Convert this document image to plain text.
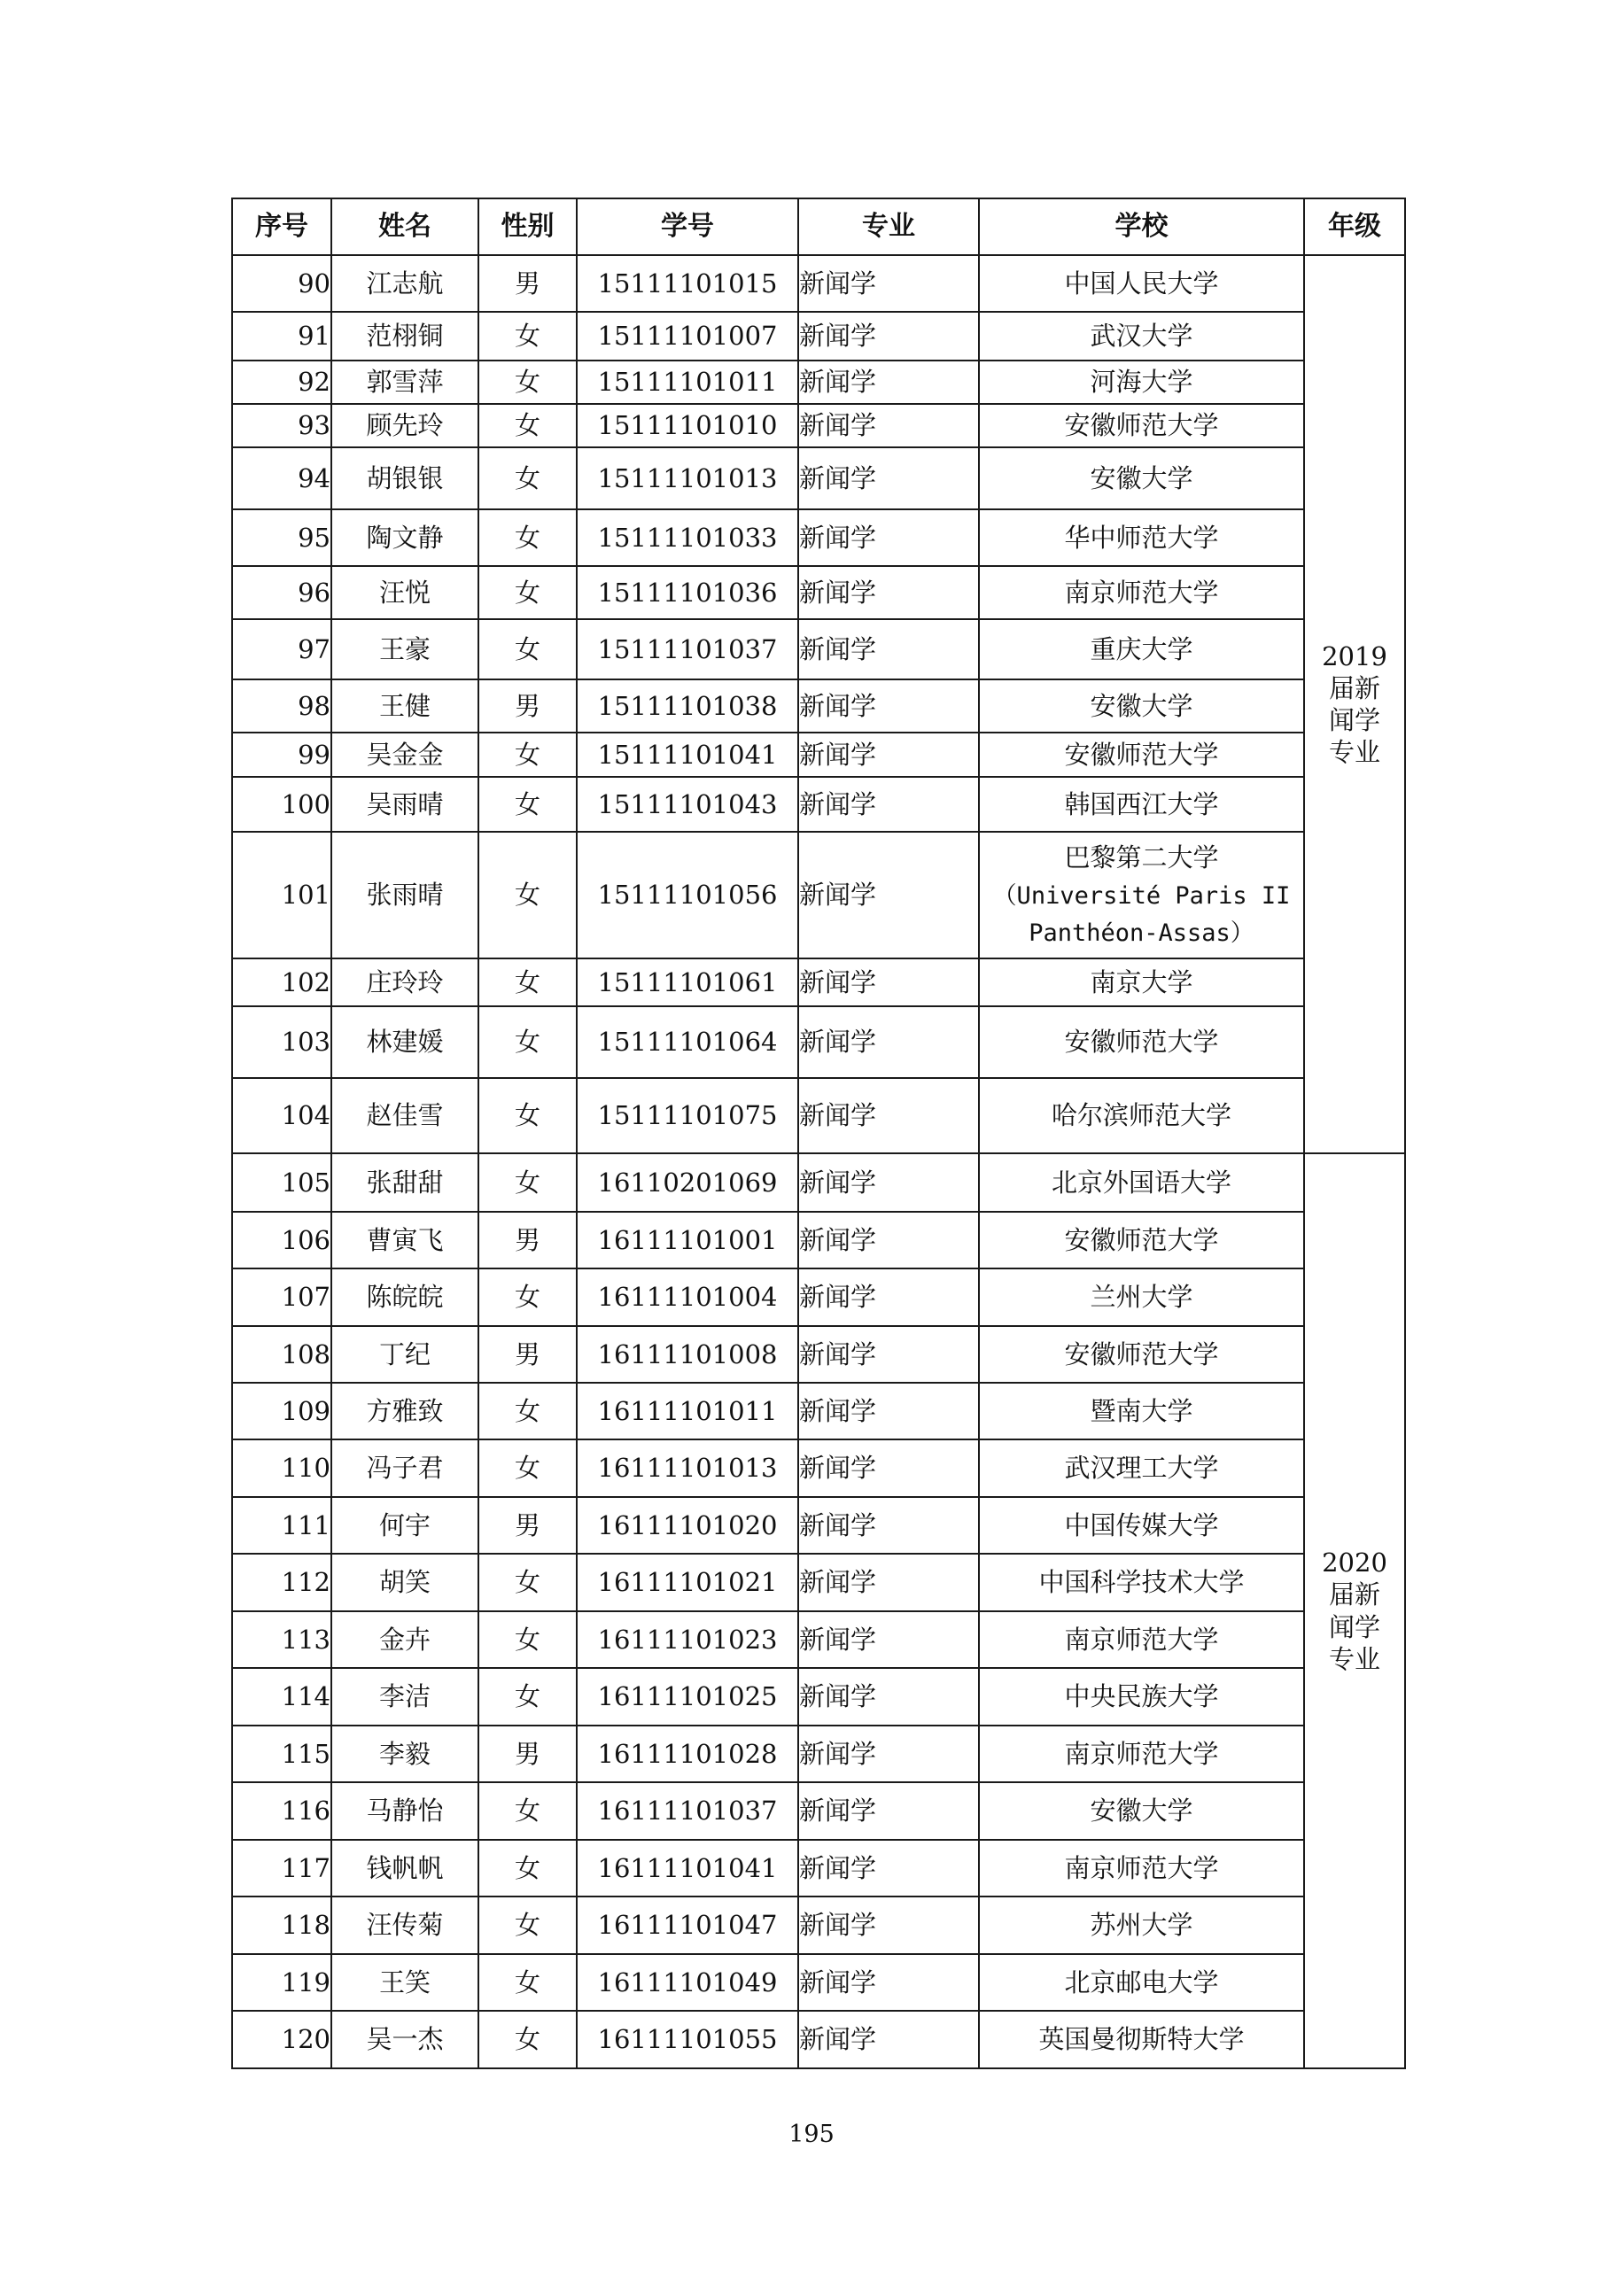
序号	姓名	性别	学号	专业	学校	年级
90	江志航	男	15111101015	新闻学	中国人民大学	2019
届新
闻学
专业

91	范栩铜	女	15111101007	新闻学	武汉大学	

92	郭雪萍	女	15111101011	新闻学	河海大学	

93	顾先玲	女	15111101010	新闻学	安徽师范大学	

94	胡银银	女	15111101013	新闻学	安徽大学	

95	陶文静	女	15111101033	新闻学	华中师范大学	

96	汪悦	女	15111101036	新闻学	南京师范大学	

97	王豪	女	15111101037	新闻学	重庆大学	

98	王健	男	15111101038	新闻学	安徽大学	

99	吴金金	女	15111101041	新闻学	安徽师范大学	

100	吴雨晴	女	15111101043	新闻学	韩国西江大学	

101	张雨晴	女	15111101056	新闻学	巴黎第二大学
（Université Paris II
Panthéon-Assas）	

102	庄玲玲	女	15111101061	新闻学	南京大学	

103	林建媛	女	15111101064	新闻学	安徽师范大学	

104	赵佳雪	女	15111101075	新闻学	哈尔滨师范大学	

105	张甜甜	女	16110201069	新闻学	北京外国语大学	2020
届新
闻学
专业

106	曹寅飞	男	16111101001	新闻学	安徽师范大学	

107	陈皖皖	女	16111101004	新闻学	兰州大学	

108	丁纪	男	16111101008	新闻学	安徽师范大学	

109	方雅致	女	16111101011	新闻学	暨南大学	

110	冯子君	女	16111101013	新闻学	武汉理工大学	

111	何宇	男	16111101020	新闻学	中国传媒大学	

112	胡笑	女	16111101021	新闻学	中国科学技术大学	

113	金卉	女	16111101023	新闻学	南京师范大学	

114	李洁	女	16111101025	新闻学	中央民族大学	

115	李毅	男	16111101028	新闻学	南京师范大学	

116	马静怡	女	16111101037	新闻学	安徽大学	

117	钱帆帆	女	16111101041	新闻学	南京师范大学	

118	汪传菊	女	16111101047	新闻学	苏州大学	

119	王笑	女	16111101049	新闻学	北京邮电大学	

120	吴一杰	女	16111101055	新闻学	英国曼彻斯特大学	
195
